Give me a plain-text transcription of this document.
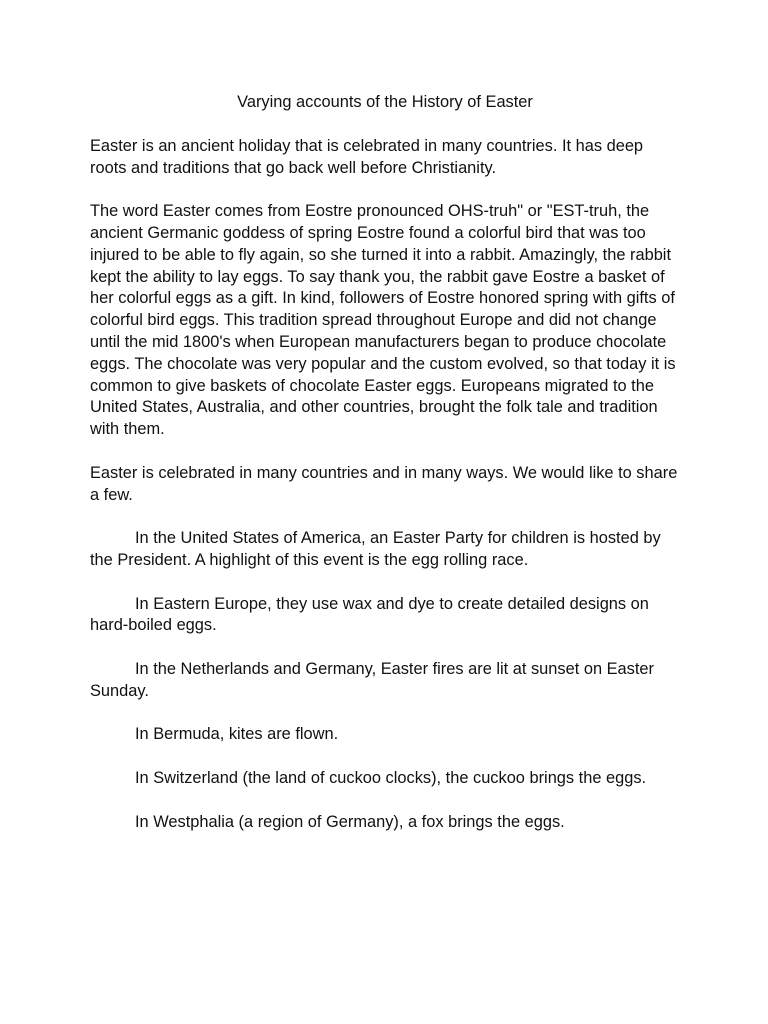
Varying accounts of the History of Easter

Easter is an ancient holiday that is celebrated in many countries. It has deep roots and traditions that go back well before Christianity.

The word Easter comes from Eostre pronounced OHS-truh" or "EST-truh, the ancient Germanic goddess of spring Eostre found a colorful bird that was too injured to be able to fly again, so she turned it into a rabbit. Amazingly, the rabbit kept the ability to lay eggs. To say thank you, the rabbit gave Eostre a basket of her colorful eggs as a gift. In kind, followers of Eostre honored spring with gifts of colorful bird eggs. This tradition spread throughout Europe and did not change until the mid 1800's when European manufacturers began to produce chocolate eggs. The chocolate was very popular and the custom evolved, so that today it is common to give baskets of chocolate Easter eggs. Europeans migrated to the United States, Australia, and other countries, brought the folk tale and tradition with them.

Easter is celebrated in many countries and in many ways. We would like to share a few.

In the United States of America, an Easter Party for children is hosted by the President. A highlight of this event is the egg rolling race.

In Eastern Europe, they use wax and dye to create detailed designs on hard-boiled eggs.

In the Netherlands and Germany, Easter fires are lit at sunset on Easter Sunday.

In Bermuda, kites are flown.

In Switzerland (the land of cuckoo clocks), the cuckoo brings the eggs.

In Westphalia (a region of Germany), a fox brings the eggs.
